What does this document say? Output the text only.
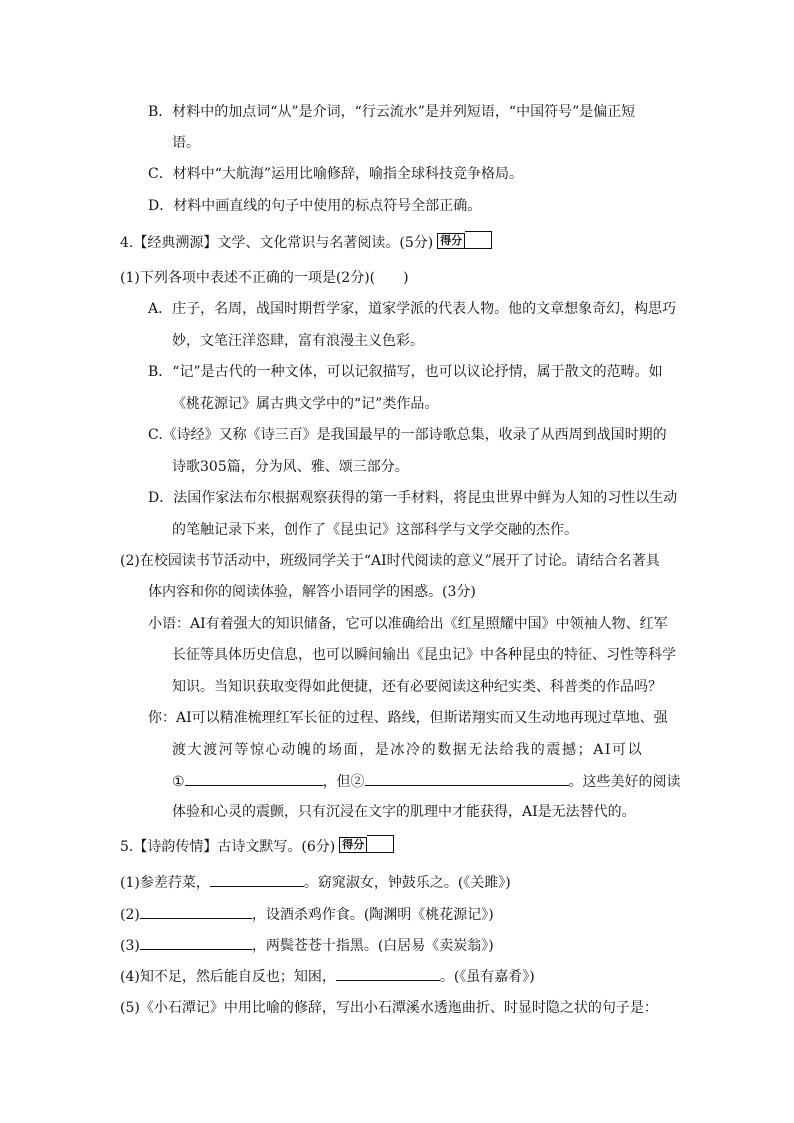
B．材料中的加点词“从”是介词，“行云流水”是并列短语，“中国符号”是偏正短
语。
C．材料中“大航海”运用比喻修辞，喻指全球科技竞争格局。
D．材料中画直线的句子中使用的标点符号全部正确。
4.【经典溯源】文学、文化常识与名著阅读。(5分) 得分
(1)下列各项中表述不正确的一项是(2分)(　　)
A．庄子，名周，战国时期哲学家，道家学派的代表人物。他的文章想象奇幻，构思巧
妙，文笔汪洋恣肆，富有浪漫主义色彩。
B．“记”是古代的一种文体，可以记叙描写，也可以议论抒情，属于散文的范畴。如
《桃花源记》属古典文学中的“记”类作品。
C.《诗经》又称《诗三百》是我国最早的一部诗歌总集，收录了从西周到战国时期的
诗歌305篇，分为风、雅、颂三部分。
D．法国作家法布尔根据观察获得的第一手材料，将昆虫世界中鲜为人知的习性以生动
的笔触记录下来，创作了《昆虫记》这部科学与文学交融的杰作。
(2)在校园读书节活动中，班级同学关于“AI时代阅读的意义”展开了讨论。请结合名著具
体内容和你的阅读体验，解答小语同学的困惑。(3分)
小语：AI有着强大的知识储备，它可以准确给出《红星照耀中国》中领袖人物、红军
长征等具体历史信息，也可以瞬间输出《昆虫记》中各种昆虫的特征、习性等科学
知识。当知识获取变得如此便捷，还有必要阅读这种纪实类、科普类的作品吗？
你：AI可以精准梳理红军长征的过程、路线，但斯诺翔实而又生动地再现过草地、强
渡大渡河等惊心动魄的场面，是冰冷的数据无法给我的震撼；AI可以
①	，但②	。这些美好的阅读
体验和心灵的震颤，只有沉浸在文字的肌理中才能获得，AI是无法替代的。
5.【诗韵传情】古诗文默写。(6分) 得分
(1)参差荇菜，	。窈窕淑女，钟鼓乐之。(《关雎》)
(2)	，设酒杀鸡作食。(陶渊明《桃花源记》)
(3)	，两鬓苍苍十指黑。(白居易《卖炭翁》)
(4)知不足，然后能自反也；知困，	。(《虽有嘉肴》)
(5)《小石潭记》中用比喻的修辞，写出小石潭溪水透迤曲折、时显时隐之状的句子是：
